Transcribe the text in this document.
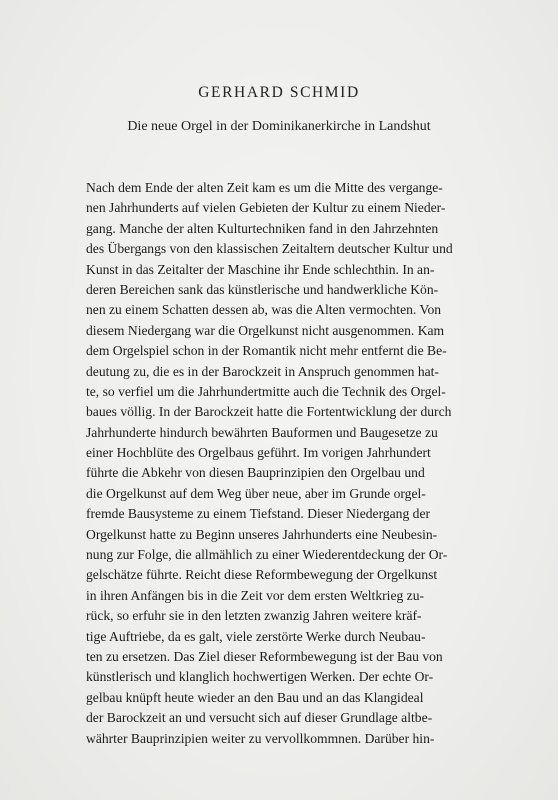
GERHARD SCHMID
Die neue Orgel in der Dominikanerkirche in Landshut
Nach dem Ende der alten Zeit kam es um die Mitte des vergange-
nen Jahrhunderts auf vielen Gebieten der Kultur zu einem Nieder-
gang. Manche der alten Kulturtechniken fand in den Jahrzehnten
des Übergangs von den klassischen Zeitaltern deutscher Kultur und
Kunst in das Zeitalter der Maschine ihr Ende schlechthin. In an-
deren Bereichen sank das künstlerische und handwerkliche Kön-
nen zu einem Schatten dessen ab, was die Alten vermochten. Von
diesem Niedergang war die Orgelkunst nicht ausgenommen. Kam
dem Orgelspiel schon in der Romantik nicht mehr entfernt die Be-
deutung zu, die es in der Barockzeit in Anspruch genommen hat-
te, so verfiel um die Jahrhundertmitte auch die Technik des Orgel-
baues völlig. In der Barockzeit hatte die Fortentwicklung der durch
Jahrhunderte hindurch bewährten Bauformen und Baugesetze zu
einer Hochblüte des Orgelbaus geführt. Im vorigen Jahrhundert
führte die Abkehr von diesen Bauprinzipien den Orgelbau und
die Orgelkunst auf dem Weg über neue, aber im Grunde orgel-
fremde Bausysteme zu einem Tiefstand. Dieser Niedergang der
Orgelkunst hatte zu Beginn unseres Jahrhunderts eine Neubesin-
nung zur Folge, die allmählich zu einer Wiederentdeckung der Or-
gelschätze führte. Reicht diese Reformbewegung der Orgelkunst
in ihren Anfängen bis in die Zeit vor dem ersten Weltkrieg zu-
rück, so erfuhr sie in den letzten zwanzig Jahren weitere kräf-
tige Auftriebe, da es galt, viele zerstörte Werke durch Neubau-
ten zu ersetzen. Das Ziel dieser Reformbewegung ist der Bau von
künstlerisch und klanglich hochwertigen Werken. Der echte Or-
gelbau knüpft heute wieder an den Bau und an das Klangideal
der Barockzeit an und versucht sich auf dieser Grundlage altbe-
währter Bauprinzipien weiter zu vervollkommnen. Darüber hin-
